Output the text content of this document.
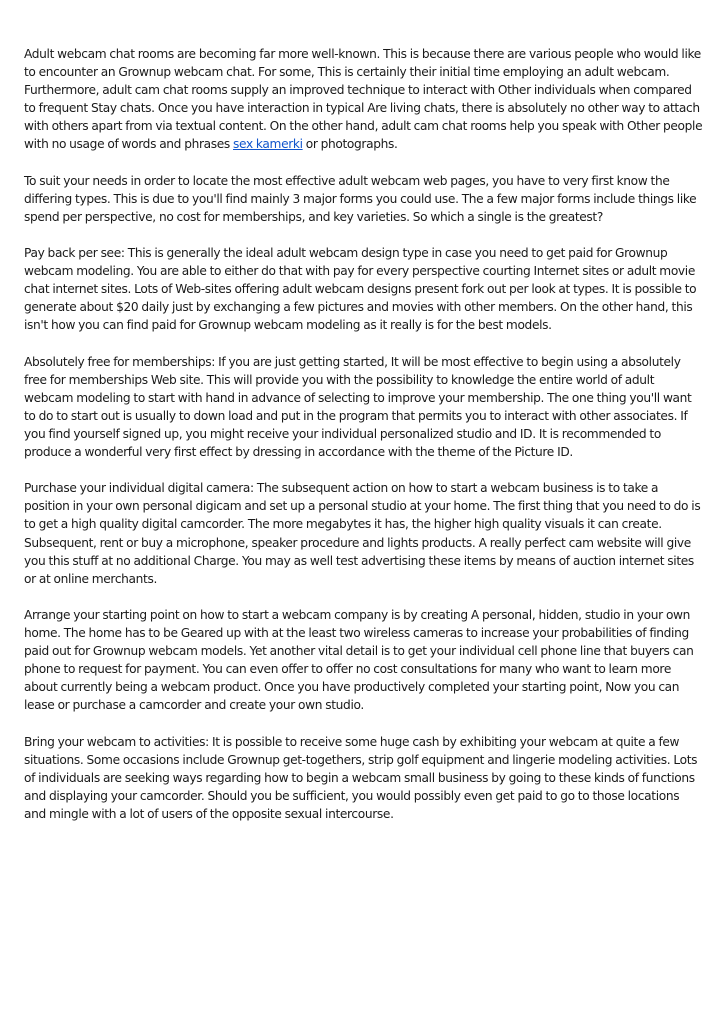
Adult webcam chat rooms are becoming far more well-known. This is because there are various people who would like to encounter an Grownup webcam chat. For some, This is certainly their initial time employing an adult webcam. Furthermore, adult cam chat rooms supply an improved technique to interact with Other individuals when compared to frequent Stay chats. Once you have interaction in typical Are living chats, there is absolutely no other way to attach with others apart from via textual content. On the other hand, adult cam chat rooms help you speak with Other people with no usage of words and phrases sex kamerki or photographs.

To suit your needs in order to locate the most effective adult webcam web pages, you have to very first know the differing types. This is due to you'll find mainly 3 major forms you could use. The a few major forms include things like spend per perspective, no cost for memberships, and key varieties. So which a single is the greatest?

Pay back per see: This is generally the ideal adult webcam design type in case you need to get paid for Grownup webcam modeling. You are able to either do that with pay for every perspective courting Internet sites or adult movie chat internet sites. Lots of Web-sites offering adult webcam designs present fork out per look at types. It is possible to generate about $20 daily just by exchanging a few pictures and movies with other members. On the other hand, this isn't how you can find paid for Grownup webcam modeling as it really is for the best models.

Absolutely free for memberships: If you are just getting started, It will be most effective to begin using a absolutely free for memberships Web site. This will provide you with the possibility to knowledge the entire world of adult webcam modeling to start with hand in advance of selecting to improve your membership. The one thing you'll want to do to start out is usually to down load and put in the program that permits you to interact with other associates. If you find yourself signed up, you might receive your individual personalized studio and ID. It is recommended to produce a wonderful very first effect by dressing in accordance with the theme of the Picture ID.

Purchase your individual digital camera: The subsequent action on how to start a webcam business is to take a position in your own personal digicam and set up a personal studio at your home. The first thing that you need to do is to get a high quality digital camcorder. The more megabytes it has, the higher high quality visuals it can create. Subsequent, rent or buy a microphone, speaker procedure and lights products. A really perfect cam website will give you this stuff at no additional Charge. You may as well test advertising these items by means of auction internet sites or at online merchants.

Arrange your starting point on how to start a webcam company is by creating A personal, hidden, studio in your own home. The home has to be Geared up with at the least two wireless cameras to increase your probabilities of finding paid out for Grownup webcam models. Yet another vital detail is to get your individual cell phone line that buyers can phone to request for payment. You can even offer to offer no cost consultations for many who want to learn more about currently being a webcam product. Once you have productively completed your starting point, Now you can lease or purchase a camcorder and create your own studio.

Bring your webcam to activities: It is possible to receive some huge cash by exhibiting your webcam at quite a few situations. Some occasions include Grownup get-togethers, strip golf equipment and lingerie modeling activities. Lots of individuals are seeking ways regarding how to begin a webcam small business by going to these kinds of functions and displaying your camcorder. Should you be sufficient, you would possibly even get paid to go to those locations and mingle with a lot of users of the opposite sexual intercourse.
